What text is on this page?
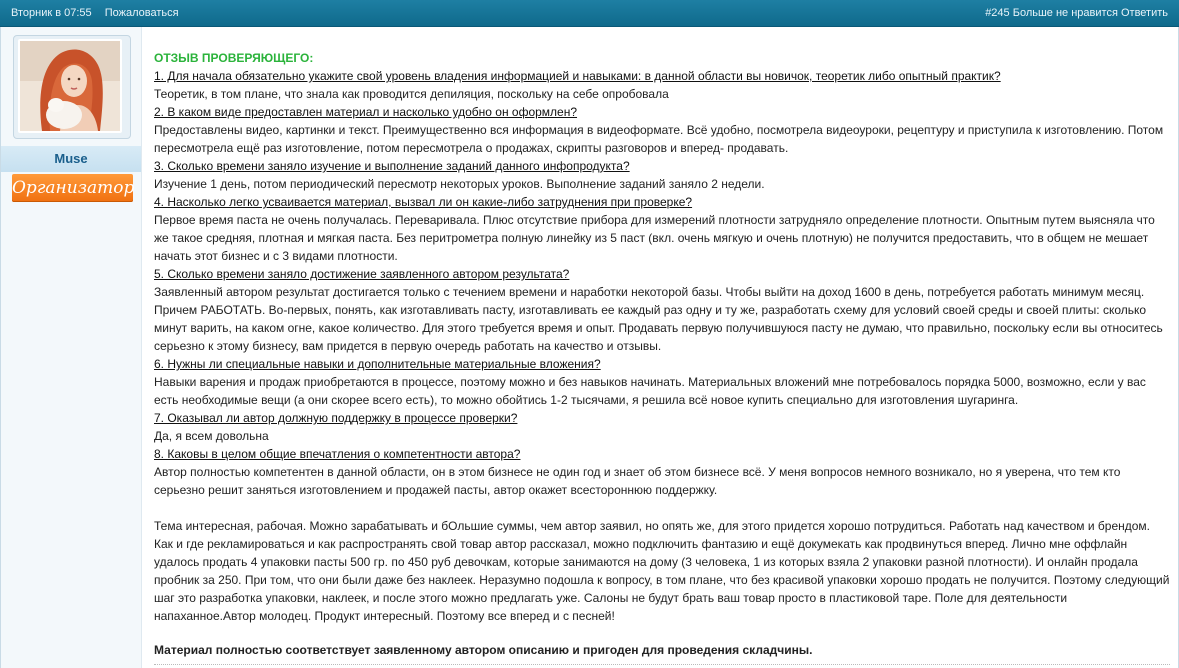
Вторник в 07:55 Пожаловаться	#245 Больше не нравится Ответить
Muse
Организатор

ОТЗЫВ ПРОВЕРЯЮЩЕГО:

1. Для начала обязательно укажите свой уровень владения информацией и навыками: в данной области вы новичок, теоретик либо опытный практик?

Теоретик, в том плане, что знала как проводится депиляция, поскольку на себе опробовала

2. В каком виде предоставлен материал и насколько удобно он оформлен?

Предоставлены видео, картинки и текст. Преимущественно вся информация в видеоформате. Всё удобно, посмотрела видеоуроки, рецептуру и приступила к изготовлению. Потом пересмотрела ещё раз изготовление, потом пересмотрела о продажах, скрипты разговоров и вперед- продавать.

3. Сколько времени заняло изучение и выполнение заданий данного инфопродукта?

Изучение 1 день, потом периодический пересмотр некоторых уроков. Выполнение заданий заняло 2 недели.

4. Насколько легко усваивается материал, вызвал ли он какие-либо затруднения при проверке?

Первое время паста не очень получалась. Переваривала. Плюс отсутствие прибора для измерений плотности затрудняло определение плотности. Опытным путем выясняла что же такое средняя, плотная и мягкая паста. Без перитрометра полную линейку из 5 паст (вкл. очень мягкую и очень плотную) не получится предоставить, что в общем не мешает начать этот бизнес и с 3 видами плотности.

5. Сколько времени заняло достижение заявленного автором результата?

Заявленный автором результат достигается только с течением времени и наработки некоторой базы. Чтобы выйти на доход 1600 в день, потребуется работать минимум месяц. Причем РАБОТАТЬ. Во-первых, понять, как изготавливать пасту, изготавливать ее каждый раз одну и ту же, разработать схему для условий своей среды и своей плиты: сколько минут варить, на каком огне, какое количество. Для этого требуется время и опыт. Продавать первую получившуюся пасту не думаю, что правильно, поскольку если вы относитесь серьезно к этому бизнесу, вам придется в первую очередь работать на качество и отзывы.

6. Нужны ли специальные навыки и дополнительные материальные вложения?

Навыки варения и продаж приобретаются в процессе, поэтому можно и без навыков начинать. Материальных вложений мне потребовалось порядка 5000, возможно, если у вас есть необходимые вещи (а они скорее всего есть), то можно обойтись 1-2 тысячами, я решила всё новое купить специально для изготовления шугаринга.

7. Оказывал ли автор должную поддержку в процессе проверки?

Да, я всем довольна

8. Каковы в целом общие впечатления о компетентности автора?

Автор полностью компетентен в данной области, он в этом бизнесе не один год и знает об этом бизнесе всё. У меня вопросов немного возникало, но я уверена, что тем кто серьезно решит заняться изготовлением и продажей пасты, автор окажет всестороннюю поддержку.

Тема интересная, рабочая. Можно зарабатывать и бОльшие суммы, чем автор заявил, но опять же, для этого придется хорошо потрудиться. Работать над качеством и брендом. Как и где рекламироваться и как распространять свой товар автор рассказал, можно подключить фантазию и ещё докумекать как продвинуться вперед. Лично мне оффлайн удалось продать 4 упаковки пасты 500 гр. по 450 руб девочкам, которые занимаются на дому (3 человека, 1 из которых взяла 2 упаковки разной плотности). И онлайн продала пробник за 250. При том, что они были даже без наклеек. Неразумно подошла к вопросу, в том плане, что без красивой упаковки хорошо продать не получится. Поэтому следующий шаг это разработка упаковки, наклеек, и после этого можно предлагать уже. Салоны не будут брать ваш товар просто в пластиковой таре. Поле для деятельности напаханное.Автор молодец. Продукт интересный. Поэтому все вперед и с песней!

Материал полностью соответствует заявленному автором описанию и пригоден для проведения складчины.
